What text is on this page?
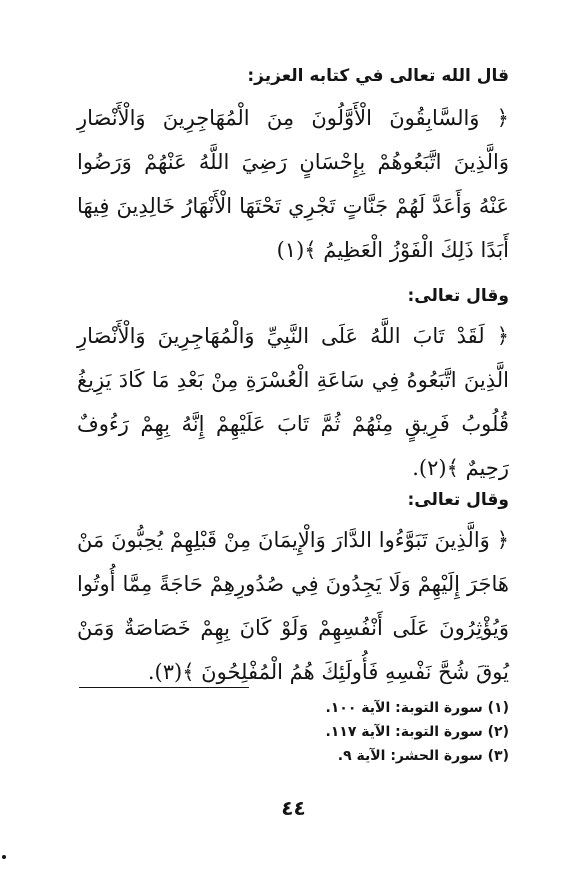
قال الله تعالى في كتابه العزيز:
﴿ وَالسَّابِقُونَ الْأَوَّلُونَ مِنَ الْمُهَاجِرِينَ وَالْأَنْصَارِ وَالَّذِينَ اتَّبَعُوهُمْ بِإِحْسَانٍ رَضِيَ اللَّهُ عَنْهُمْ وَرَضُوا عَنْهُ وَأَعَدَّ لَهُمْ جَنَّاتٍ تَجْرِي تَحْتَهَا الْأَنْهَارُ خَالِدِينَ فِيهَا أَبَدًا ذَلِكَ الْفَوْزُ الْعَظِيمُ ﴾(١)
وقال تعالى:
﴿ لَقَدْ تَابَ اللَّهُ عَلَى النَّبِيِّ وَالْمُهَاجِرِينَ وَالْأَنْصَارِ الَّذِينَ اتَّبَعُوهُ فِي سَاعَةِ الْعُسْرَةِ مِنْ بَعْدِ مَا كَادَ يَزِيغُ قُلُوبُ فَرِيقٍ مِنْهُمْ ثُمَّ تَابَ عَلَيْهِمْ إِنَّهُ بِهِمْ رَءُوفٌ رَحِيمٌ ﴾(٢).
وقال تعالى:
﴿ وَالَّذِينَ تَبَوَّءُوا الدَّارَ وَالْإِيمَانَ مِنْ قَبْلِهِمْ يُحِبُّونَ مَنْ هَاجَرَ إِلَيْهِمْ وَلَا يَجِدُونَ فِي صُدُورِهِمْ حَاجَةً مِمَّا أُوتُوا وَيُؤْثِرُونَ عَلَى أَنْفُسِهِمْ وَلَوْ كَانَ بِهِمْ خَصَاصَةٌ وَمَنْ يُوقَ شُحَّ نَفْسِهِ فَأُولَئِكَ هُمُ الْمُفْلِحُونَ ﴾(٣).
(١) سورة التوبة: الآية ١٠٠.
(٢) سورة التوبة: الآية ١١٧.
(٣) سورة الحشر: الآية ٩.
٤٤
